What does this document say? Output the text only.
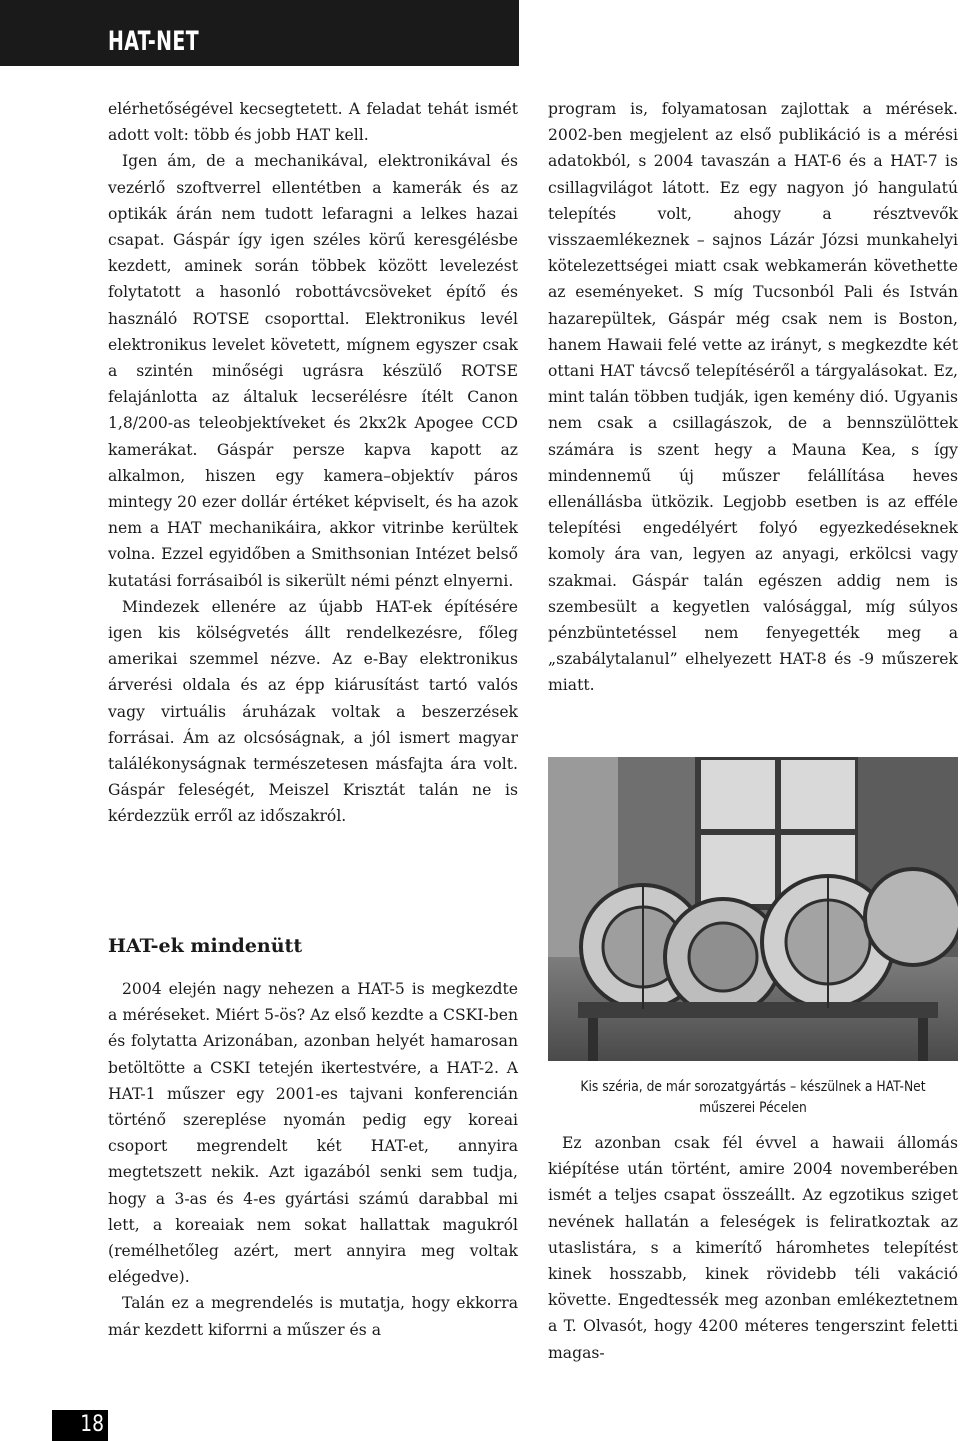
HAT-NET

elérhetőségével kecsegtetett. A feladat tehát ismét adott volt: több és jobb HAT kell.

Igen ám, de a mechanikával, elektronikával és vezérlő szoftverrel ellentétben a kamerák és az optikák árán nem tudott lefaragni a lelkes hazai csapat. Gáspár így igen széles körű keresgélésbe kezdett, aminek során többek között levelezést folytatott a hasonló robottávcsöveket építő és használó ROTSE csoporttal. Elektronikus levél elektronikus levelet követett, mígnem egyszer csak a szintén minőségi ugrásra készülő ROTSE felajánlotta az általuk lecserélésre ítélt Canon 1,8/200-as teleobjektíveket és 2kx2k Apogee CCD kamerákat. Gáspár persze kapva kapott az alkalmon, hiszen egy kamera–objektív páros mintegy 20 ezer dollár értéket képviselt, és ha azok nem a HAT mechanikáira, akkor vitrinbe kerültek volna. Ezzel egyidőben a Smithsonian Intézet belső kutatási forrásaiból is sikerült némi pénzt elnyerni.

Mindezek ellenére az újabb HAT-ek építésére igen kis kölségvetés állt rendelkezésre, főleg amerikai szemmel nézve. Az e-Bay elektronikus árverési oldala és az épp kiárusítást tartó valós vagy virtuális áruházak voltak a beszerzések forrásai. Ám az olcsóságnak, a jól ismert magyar találékonyságnak természetesen másfajta ára volt. Gáspár feleségét, Meiszel Krisztát talán ne is kérdezzük erről az időszakról.

HAT-ek mindenütt

2004 elején nagy nehezen a HAT-5 is megkezdte a méréseket. Miért 5-ös? Az első kezdte a CSKI-ben és folytatta Arizonában, azonban helyét hamarosan betöltötte a CSKI tetején ikertestvére, a HAT-2. A HAT-1 műszer egy 2001-es tajvani konferencián történő szereplése nyomán pedig egy koreai csoport megrendelt két HAT-et, annyira megtetszett nekik. Azt igazából senki sem tudja, hogy a 3-as és 4-es gyártási számú darabbal mi lett, a koreaiak nem sokat hallattak magukról (remélhetőleg azért, mert annyira meg voltak elégedve).

Talán ez a megrendelés is mutatja, hogy ekkorra már kezdett kiforrni a műszer és a

program is, folyamatosan zajlottak a mérések. 2002-ben megjelent az első publikáció is a mérési adatokból, s 2004 tavaszán a HAT-6 és a HAT-7 is csillagvilágot látott. Ez egy nagyon jó hangulatú telepítés volt, ahogy a résztvevők visszaemlékeznek – sajnos Lázár Józsi munkahelyi kötelezettségei miatt csak webkamerán követhette az eseményeket. S míg Tucsonból Pali és István hazarepültek, Gáspár még csak nem is Boston, hanem Hawaii felé vette az irányt, s megkezdte két ottani HAT távcső telepítéséről a tárgyalásokat. Ez, mint talán többen tudják, igen kemény dió. Ugyanis nem csak a csillagászok, de a bennszülöttek számára is szent hegy a Mauna Kea, s így mindennemű új műszer felállítása heves ellenállásba ütközik. Legjobb esetben is az efféle telepítési engedélyért folyó egyezkedéseknek komoly ára van, legyen az anyagi, erkölcsi vagy szakmai. Gáspár talán egészen addig nem is szembesült a kegyetlen valósággal, míg súlyos pénzbüntetéssel nem fenyegették meg a „szabálytalanul” elhelyezett HAT-8 és -9 műszerek miatt.

Kis széria, de már sorozatgyártás – készülnek a HAT-Net műszerei Pécelen

Ez azonban csak fél évvel a hawaii állomás kiépítése után történt, amire 2004 novemberében ismét a teljes csapat összeállt. Az egzotikus sziget nevének hallatán a feleségek is feliratkoztak az utaslistára, s a kimerítő háromhetes telepítést kinek hosszabb, kinek rövidebb téli vakáció követte. Engedtessék meg azonban emlékeztetnem a T. Olvasót, hogy 4200 méteres tengerszint feletti magas-

18
